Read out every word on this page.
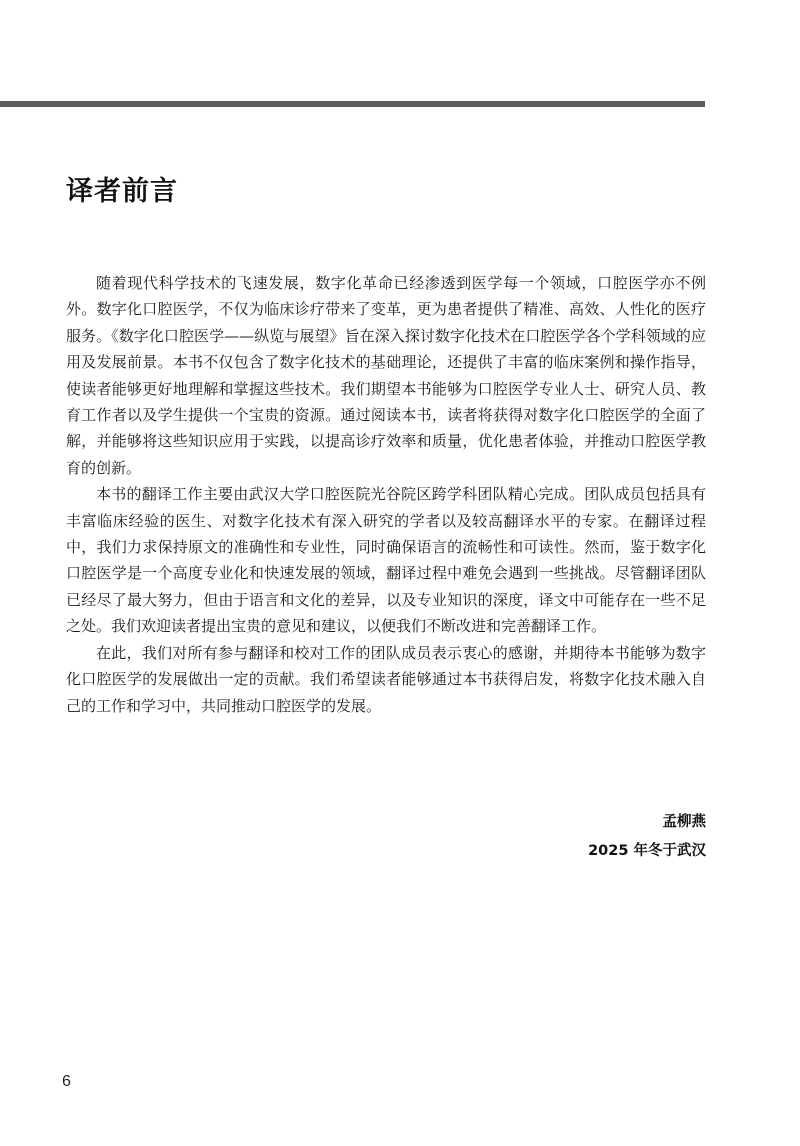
译者前言

随着现代科学技术的飞速发展，数字化革命已经渗透到医学每一个领域，口腔医学亦不例外。数字化口腔医学，不仅为临床诊疗带来了变革，更为患者提供了精准、高效、人性化的医疗服务。《数字化口腔医学——纵览与展望》旨在深入探讨数字化技术在口腔医学各个学科领域的应用及发展前景。本书不仅包含了数字化技术的基础理论，还提供了丰富的临床案例和操作指导，使读者能够更好地理解和掌握这些技术。我们期望本书能够为口腔医学专业人士、研究人员、教育工作者以及学生提供一个宝贵的资源。通过阅读本书，读者将获得对数字化口腔医学的全面了解，并能够将这些知识应用于实践，以提高诊疗效率和质量，优化患者体验，并推动口腔医学教育的创新。

本书的翻译工作主要由武汉大学口腔医院光谷院区跨学科团队精心完成。团队成员包括具有丰富临床经验的医生、对数字化技术有深入研究的学者以及较高翻译水平的专家。在翻译过程中，我们力求保持原文的准确性和专业性，同时确保语言的流畅性和可读性。然而，鉴于数字化口腔医学是一个高度专业化和快速发展的领域，翻译过程中难免会遇到一些挑战。尽管翻译团队已经尽了最大努力，但由于语言和文化的差异，以及专业知识的深度，译文中可能存在一些不足之处。我们欢迎读者提出宝贵的意见和建议，以便我们不断改进和完善翻译工作。

在此，我们对所有参与翻译和校对工作的团队成员表示衷心的感谢，并期待本书能够为数字化口腔医学的发展做出一定的贡献。我们希望读者能够通过本书获得启发，将数字化技术融入自己的工作和学习中，共同推动口腔医学的发展。

孟柳燕
2025 年冬于武汉
6
